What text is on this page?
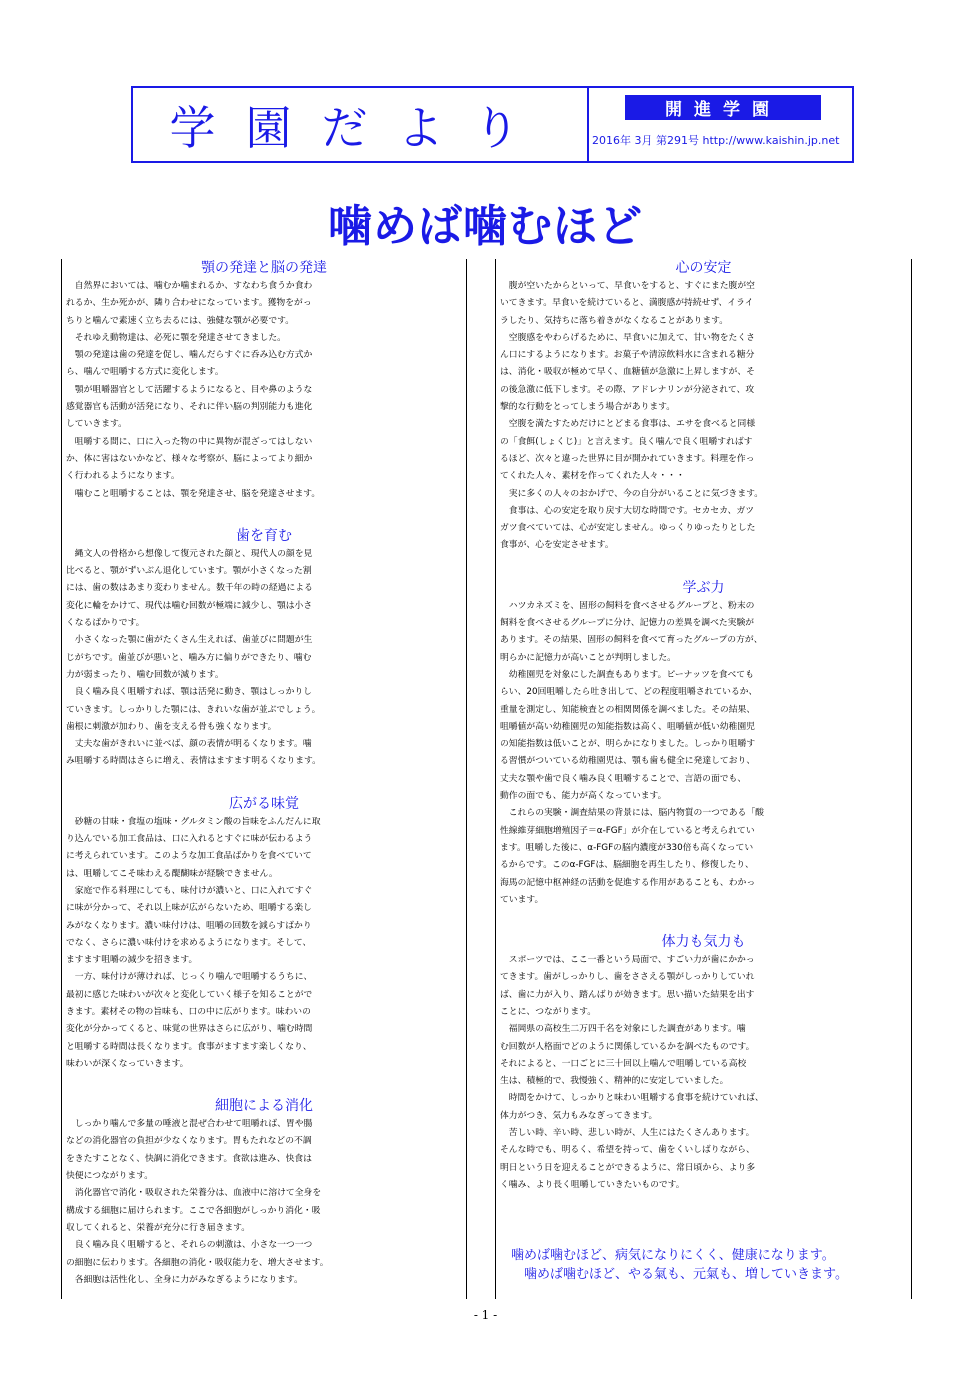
学園だより	開進学園
2016年 3月 第291号 http://www.kaishin.jp.net
噛めば噛むほど
顎の発達と脳の発達
　自然界においては、噛むか噛まれるか、すなわち食うか食わ
れるか、生か死かが、隣り合わせになっています。獲物をがっ
ちりと噛んで素速く立ち去るには、強健な顎が必要です。
　それゆえ動物達は、必死に顎を発達させてきました。
　顎の発達は歯の発達を促し、噛んだらすぐに呑み込む方式か
ら、噛んで咀嚼する方式に変化します。
　顎が咀嚼器官として活躍するようになると、目や鼻のような
感覚器官も活動が活発になり、それに伴い脳の判別能力も進化
していきます。
　咀嚼する間に、口に入った物の中に異物が混ざってはしない
か、体に害はないかなど、様々な考察が、脳によってより細か
く行われるようになります。
　噛むこと咀嚼することは、顎を発達させ、脳を発達させます。
歯を育む
　縄文人の骨格から想像して復元された顔と、現代人の顔を見
比べると、顎がずいぶん退化しています。顎が小さくなった割
には、歯の数はあまり変わりません。数千年の時の経過による
変化に輪をかけて、現代は噛む回数が極端に減少し、顎は小さ
くなるばかりです。
　小さくなった顎に歯がたくさん生えれば、歯並びに問題が生
じがちです。歯並びが悪いと、噛み方に偏りができたり、噛む
力が弱まったり、噛む回数が減ります。
　良く噛み良く咀嚼すれば、顎は活発に動き、顎はしっかりし
ていきます。しっかりした顎には、きれいな歯が並ぶでしょう。
歯根に刺激が加わり、歯を支える骨も強くなります。
　丈夫な歯がきれいに並べば、顔の表情が明るくなります。噛
み咀嚼する時間はさらに増え、表情はますます明るくなります。
広がる味覚
　砂糖の甘味・食塩の塩味・グルタミン酸の旨味をふんだんに取
り込んでいる加工食品は、口に入れるとすぐに味が伝わるよう
に考えられています。このような加工食品ばかりを食べていて
は、咀嚼してこそ味わえる醍醐味が経験できません。
　家庭で作る料理にしても、味付けが濃いと、口に入れてすぐ
に味が分かって、それ以上味が広がらないため、咀嚼する楽し
みがなくなります。濃い味付けは、咀嚼の回数を減らすばかり
でなく、さらに濃い味付けを求めるようになります。そして、
ますます咀嚼の減少を招きます。
　一方、味付けが薄ければ、じっくり噛んで咀嚼するうちに、
最初に感じた味わいが次々と変化していく様子を知ることがで
きます。素材その物の旨味も、口の中に広がります。味わいの
変化が分かってくると、味覚の世界はさらに広がり、噛む時間
と咀嚼する時間は長くなります。食事がますます楽しくなり、
味わいが深くなっていきます。
細胞による消化
　しっかり噛んで多量の唾液と混ぜ合わせて咀嚼れば、胃や腸
などの消化器官の負担が少なくなります。胃もたれなどの不調
をきたすことなく、快調に消化できます。食欲は進み、快食は
快便につながります。
　消化器官で消化・吸収された栄養分は、血液中に溶けて全身を
構成する細胞に届けられます。ここで各細胞がしっかり消化・吸
収してくれると、栄養が充分に行き届きます。
　良く噛み良く咀嚼すると、それらの刺激は、小さな一つ一つ
の細胞に伝わります。各細胞の消化・吸収能力を、増大させます。
　各細胞は活性化し、全身に力がみなぎるようになります。
心の安定
　腹が空いたからといって、早食いをすると、すぐにまた腹が空
いてきます。早食いを続けていると、満腹感が持続せず、イライ
ラしたり、気持ちに落ち着きがなくなることがあります。
　空腹感をやわらげるために、早食いに加えて、甘い物をたくさ
ん口にするようになります。お菓子や清涼飲料水に含まれる糖分
は、消化・吸収が極めて早く、血糖値が急激に上昇しますが、そ
の後急激に低下します。その際、アドレナリンが分泌されて、攻
撃的な行動をとってしまう場合があります。
　空腹を満たすためだけにとどまる食事は、エサを食べると同様
の「食餌(しょくじ)」と言えます。良く噛んで良く咀嚼すればす
るほど、次々と違った世界に目が開かれていきます。料理を作っ
てくれた人々、素材を作ってくれた人々・・・
　実に多くの人々のおかげで、今の自分がいることに気づきます。
　食事は、心の安定を取り戻す大切な時間です。セカセカ、ガツ
ガツ食べていては、心が安定しません。ゆっくりゆったりとした
食事が、心を安定させます。
学ぶ力
　ハツカネズミを、固形の飼料を食べさせるグループと、粉末の
飼料を食べさせるグループに分け、記憶力の差異を調べた実験が
あります。その結果、固形の飼料を食べて育ったグループの方が、
明らかに記憶力が高いことが判明しました。
　幼稚園児を対象にした調査もあります。ピーナッツを食べても
らい、20回咀嚼したら吐き出して、どの程度咀嚼されているか、
重量を測定し、知能検査との相関関係を調べました。その結果、
咀嚼値が高い幼稚園児の知能指数は高く、咀嚼値が低い幼稚園児
の知能指数は低いことが、明らかになりました。しっかり咀嚼す
る習慣がついている幼稚園児は、顎も歯も健全に発達しており、
丈夫な顎や歯で良く噛み良く咀嚼することで、言語の面でも、
動作の面でも、能力が高くなっています。
　これらの実験・調査結果の背景には、脳内物質の一つである「酸
性線維芽細胞増殖因子＝α-FGF」が介在していると考えられてい
ます。咀嚼した後に、α-FGFの脳内濃度が330倍も高くなってい
るからです。このα-FGFは、脳細胞を再生したり、修復したり、
海馬の記憶中枢神経の活動を促進する作用があることも、わかっ
ています。
体力も気力も
　スポーツでは、ここ一番という局面で、すごい力が歯にかかっ
てきます。歯がしっかりし、歯をささえる顎がしっかりしていれ
ば、歯に力が入り、踏んばりが効きます。思い描いた結果を出す
ことに、つながります。
　福岡県の高校生二万四千名を対象にした調査があります。噛
む回数が人格面でどのように関係しているかを調べたものです。
それによると、一口ごとに三十回以上噛んで咀嚼している高校
生は、積極的で、我慢強く、精神的に安定していました。
　時間をかけて、しっかりと味わい咀嚼する食事を続けていれば、
体力がつき、気力もみなぎってきます。
　苦しい時、辛い時、悲しい時が、人生にはたくさんあります。
そんな時でも、明るく、希望を持って、歯をくいしばりながら、
明日という日を迎えることができるように、常日頃から、より多
く噛み、より長く咀嚼していきたいものです。
　噛めば噛むほど、病気になりにくく、健康になります。
　　噛めば噛むほど、やる氣も、元氣も、増していきます。
- 1 -
